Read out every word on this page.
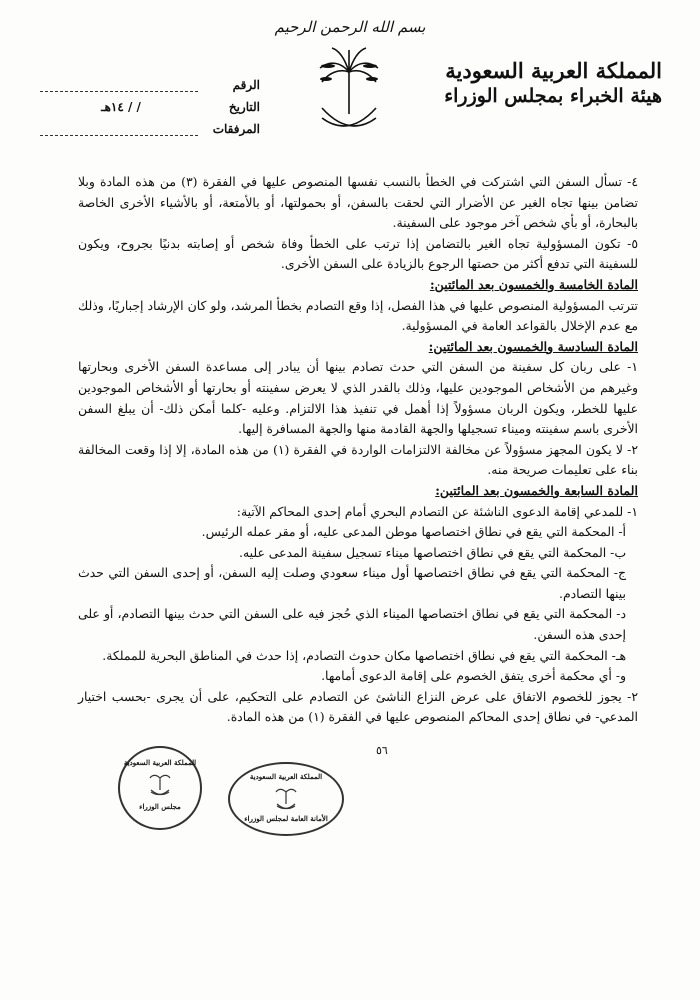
بسم الله الرحمن الرحيم
المملكة العربية السعودية
هيئة الخبراء بمجلس الوزراء
الرقم
التاريخ
/ / ١٤هـ
المرفقات

٤- تسأل السفن التي اشتركت في الخطأ بالنسب نفسها المنصوص عليها في الفقرة (٣) من هذه المادة وبلا تضامن بينها تجاه الغير عن الأضرار التي لحقت بالسفن، أو بحمولتها، أو بالأمتعة، أو بالأشياء الأخرى الخاصة بالبحارة، أو بأي شخص آخر موجود على السفينة.

٥- تكون المسؤولية تجاه الغير بالتضامن إذا ترتب على الخطأ وفاة شخص أو إصابته بدنيًا بجروح، ويكون للسفينة التي تدفع أكثر من حصتها الرجوع بالزيادة على السفن الأخرى.

المادة الخامسة والخمسون بعد المائتين:

تترتب المسؤولية المنصوص عليها في هذا الفصل، إذا وقع التصادم بخطأ المرشد، ولو كان الإرشاد إجباريًا، وذلك مع عدم الإخلال بالقواعد العامة في المسؤولية.

المادة السادسة والخمسون بعد المائتين:

١- على ربان كل سفينة من السفن التي حدث تصادم بينها أن يبادر إلى مساعدة السفن الأخرى وبحارتها وغيرهم من الأشخاص الموجودين عليها، وذلك بالقدر الذي لا يعرض سفينته أو بحارتها أو الأشخاص الموجودين عليها للخطر، ويكون الربان مسؤولاً إذا أهمل في تنفيذ هذا الالتزام. وعليه -كلما أمكن ذلك- أن يبلغ السفن الأخرى باسم سفينته وميناء تسجيلها والجهة القادمة منها والجهة المسافرة إليها.

٢- لا يكون المجهز مسؤولاً عن مخالفة الالتزامات الواردة في الفقرة (١) من هذه المادة، إلا إذا وقعت المخالفة بناء على تعليمات صريحة منه.

المادة السابعة والخمسون بعد المائتين:

١- للمدعي إقامة الدعوى الناشئة عن التصادم البحري أمام إحدى المحاكم الآتية:

أ- المحكمة التي يقع في نطاق اختصاصها موطن المدعى عليه، أو مقر عمله الرئيس.

ب- المحكمة التي يقع في نطاق اختصاصها ميناء تسجيل سفينة المدعى عليه.

ج- المحكمة التي يقع في نطاق اختصاصها أول ميناء سعودي وصلت إليه السفن، أو إحدى السفن التي حدث بينها التصادم.

د- المحكمة التي يقع في نطاق اختصاصها الميناء الذي حُجز فيه على السفن التي حدث بينها التصادم، أو على إحدى هذه السفن.

هـ- المحكمة التي يقع في نطاق اختصاصها مكان حدوث التصادم، إذا حدث في المناطق البحرية للمملكة.

و- أي محكمة أخرى يتفق الخصوم على إقامة الدعوى أمامها.

٢- يجوز للخصوم الاتفاق على عرض النزاع الناشئ عن التصادم على التحكيم، على أن يجرى -بحسب اختيار المدعي- في نطاق إحدى المحاكم المنصوص عليها في الفقرة (١) من هذه المادة.

٥٦
المملكة العربية السعودية
الأمانة العامة لمجلس الوزراء
المملكة العربية السعودية
مجلس الوزراء
